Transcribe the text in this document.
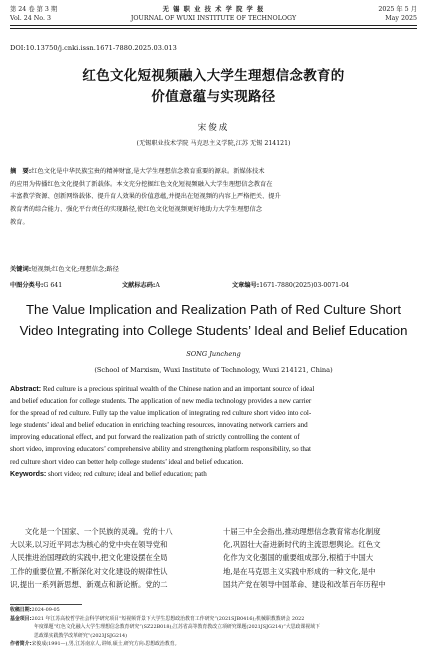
第 24 卷 第 3 期
Vol. 24 No. 3
无 锡 职 业 技 术 学 院 学 报
JOURNAL OF WUXI INSTITUTE OF TECHNOLOGY
2025 年 5 月
May 2025
DOI:10.13750/j.cnki.issn.1671-7880.2025.03.013
红色文化短视频融入大学生理想信念教育的
价值意蕴与实现路径
宋俊成
(无锡职业技术学院 马克思主义学院,江苏 无锡 214121)
摘　要:红色文化是中华民族宝贵的精神财富,是大学生理想信念教育重要的源泉。新媒体技术
的应用为传播红色文化提供了新载体。本文充分挖掘红色文化短视频融入大学生理想信念教育在
丰富教学资源、创新网络载体、提升育人效果的价值意蕴,并提出在短视频的内容上严格把关、提升
教育者的综合能力、强化平台责任的实现路径,使红色文化短视频更好地助力大学生理想信念
教育。
关键词:短视频;红色文化;理想信念;路径
中图分类号:G 641	文献标志码:A	文章编号:1671-7880(2025)03-0071-04
The Value Implication and Realization Path of Red Culture Short
Video Integrating into College Students’ Ideal and Belief Education
SONG Juncheng
(School of Marxism, Wuxi Institute of Technology, Wuxi 214121, China)
Abstract: Red culture is a precious spiritual wealth of the Chinese nation and an important source of ideal
and belief education for college students. The application of new media technology provides a new carrier
for the spread of red culture. Fully tap the value implication of integrating red culture short video into col-
lege students’ ideal and belief education in enriching teaching resources, innovating network carriers and
improving educational effect, and put forward the realization path of strictly controlling the content of
short video, improving educators’ comprehensive ability and strengthening platform responsibility, so that
red culture short video can better help college students’ ideal and belief education.
Keywords: short video; red culture; ideal and belief education; path
　　文化是一个国家、一个民族的灵魂。党的十八
大以来,以习近平同志为核心的党中央在领导党和
人民推进治国理政的实践中,把文化建设摆在全局
工作的重要位置,不断深化对文化建设的规律性认
识,提出一系列新思想、新观点和新论断。党的二
十届三中全会指出,推动理想信念教育常态化制度
化,巩固壮大奋进新时代的主流思想舆论。红色文
化作为文化强国的重要组成部分,根植于中国大
地,是在马克思主义实践中形成的一种文化,是中
国共产党在领导中国革命、建设和改革百年历程中
收稿日期:2024-09-05
基金项目:2021 年江苏高校哲学社会科学研究项目“短视频背景下大学生思想政治教育工作研究”(2021SJB0416);机械职教教研会 2022
年度课题“红色文化融入大学生理想信念教育研究”(SZ22B018);江苏省高等教育教改立项研究课题(2021JSJG214)“大思政课视域下
思政课实践教学改革研究”(2023JSJG214)
作者简介:宋俊成(1991—),男,江苏南京人,讲师,硕士,研究方向:思想政治教育。
